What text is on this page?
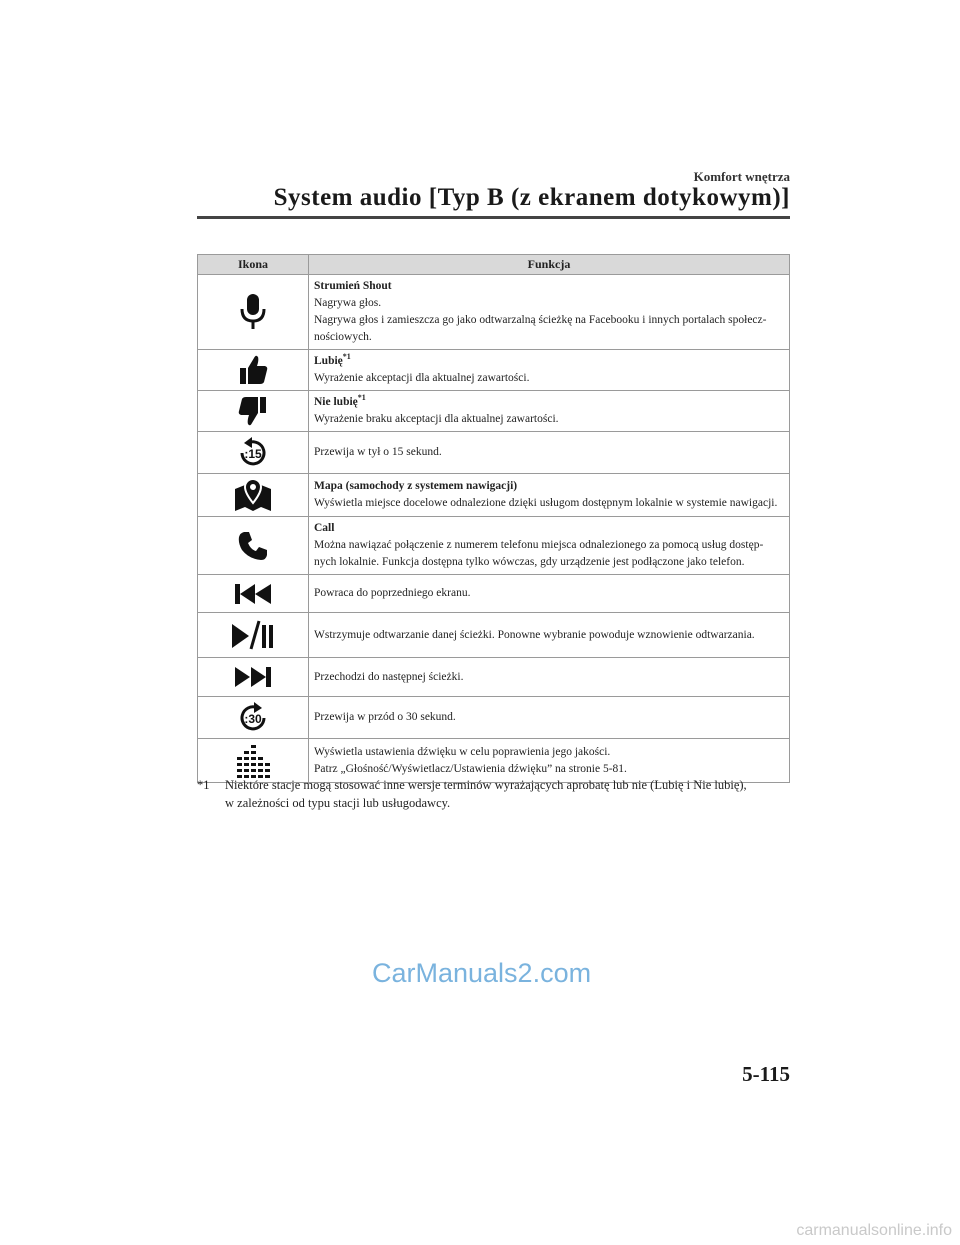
Komfort wnętrza
System audio [Typ B (z ekranem dotykowym)]
Ikona	Funkcja

Strumień Shout
Nagrywa głos.
Nagrywa głos i zamieszcza go jako odtwarzalną ścieżkę na Facebooku i innych portalach społecz-
nościowych.

Lubię$^{*1}$
Wyrażenie akceptacji dla aktualnej zawartości.

Nie lubię$^{*1}$
Wyrażenie braku akceptacji dla aktualnej zawartości.

:15	Przewija w tył o 15 sekund.

Mapa (samochody z systemem nawigacji)
Wyświetla miejsce docelowe odnalezione dzięki usługom dostępnym lokalnie w systemie nawigacji.

Call
Można nawiązać połączenie z numerem telefonu miejsca odnalezionego za pomocą usług dostęp-
nych lokalnie. Funkcja dostępna tylko wówczas, gdy urządzenie jest podłączone jako telefon.

Powraca do poprzedniego ekranu.

Wstrzymuje odtwarzanie danej ścieżki. Ponowne wybranie powoduje wznowienie odtwarzania.

Przechodzi do następnej ścieżki.

:30	Przewija w przód o 30 sekund.

Wyświetla ustawienia dźwięku w celu poprawienia jego jakości.
Patrz „Głośność/Wyświetlacz/Ustawienia dźwięku” na stronie 5-81.
*1 Niektóre stacje mogą stosować inne wersje terminów wyrażających aprobatę lub nie (Lubię i Nie lubię),
w zależności od typu stacji lub usługodawcy.
CarManuals2.com
5-115
carmanualsonline.info
